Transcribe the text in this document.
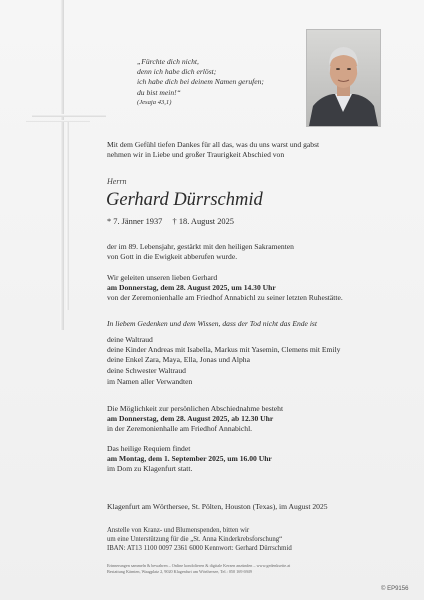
„Fürchte dich nicht,
denn ich habe dich erlöst;
ich habe dich bei deinem Namen gerufen;
du bist mein!“
(Jesaja 43,1)
Mit dem Gefühl tiefen Dankes für all das, was du uns warst und gabst
nehmen wir in Liebe und großer Traurigkeit Abschied von
Herrn
Gerhard Dürrschmid
* 7. Jänner 1937 † 18. August 2025
der im 89. Lebensjahr, gestärkt mit den heiligen Sakramenten
von Gott in die Ewigkeit abberufen wurde.
Wir geleiten unseren lieben Gerhard
am Donnerstag, dem 28. August 2025, um 14.30 Uhr
von der Zeremonienhalle am Friedhof Annabichl zu seiner letzten Ruhestätte.
In liebem Gedenken und dem Wissen, dass der Tod nicht das Ende ist
deine Waltraud
deine Kinder Andreas mit Isabella, Markus mit Yasemin, Clemens mit Emily
deine Enkel Zara, Maya, Ella, Jonas und Alpha
deine Schwester Waltraud
im Namen aller Verwandten
Die Möglichkeit zur persönlichen Abschiednahme besteht
am Donnerstag, dem 28. August 2025, ab 12.30 Uhr
in der Zeremonienhalle am Friedhof Annabichl.
Das heilige Requiem findet
am Montag, dem 1. September 2025, um 16.00 Uhr
im Dom zu Klagenfurt statt.
Klagenfurt am Wörthersee, St. Pölten, Houston (Texas), im August 2025
Anstelle von Kranz- und Blumenspenden, bitten wir
um eine Unterstützung für die „St. Anna Kinderkrebsforschung“
IBAN: AT13 1100 0097 2361 6000 Kennwort: Gerhard Dürrschmid
Erinnerungen sammeln & bewahren – Online kondolieren & digitale Kerzen anzünden – www.gedenkseite.at
Bestattung Kärnten, Waagplatz 2, 9020 Klagenfurt am Wörthersee, Tel.: 050 169 6949
© EP9156
